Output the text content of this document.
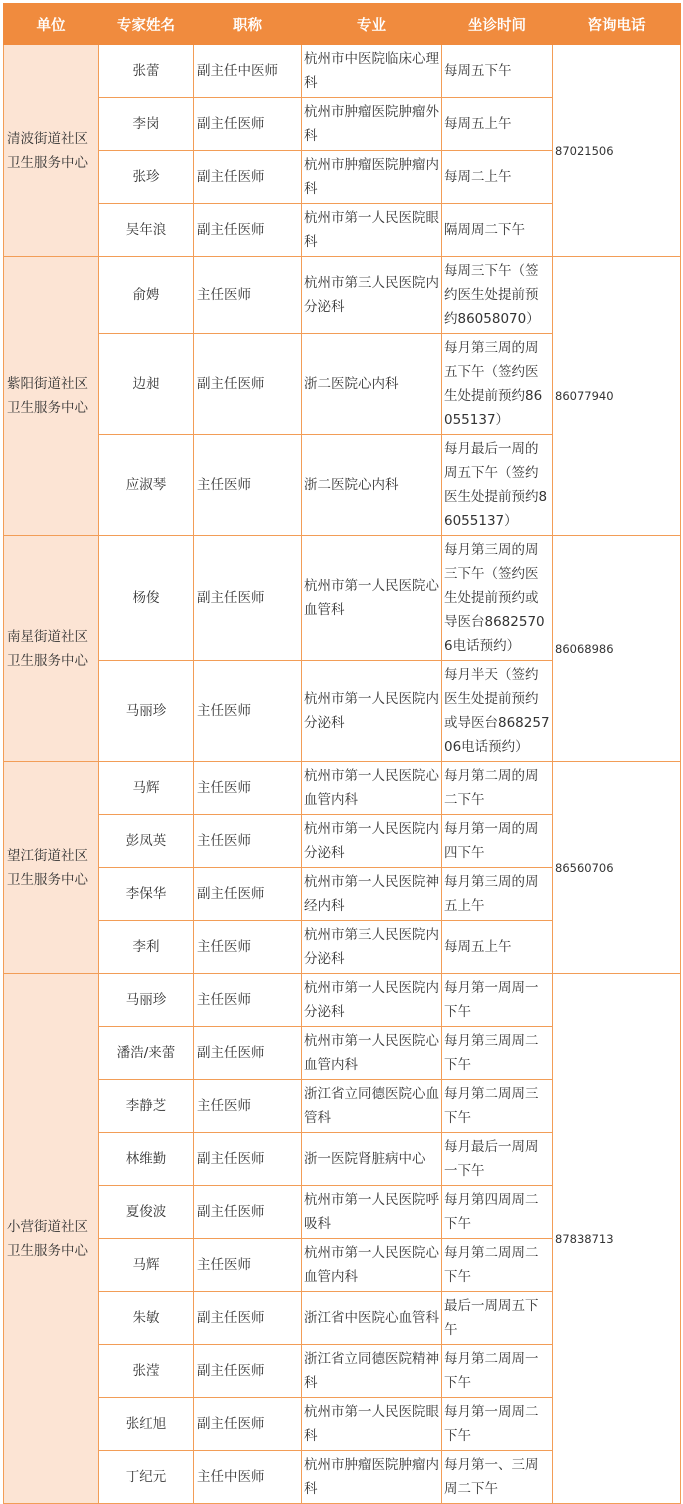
单位	专家姓名	职称	专业	坐诊时间	咨询电话
清波街道社区卫生服务中心	张蕾	副主任中医师	杭州市中医院临床心理科	每周五下午	87021506
	李岗	副主任医师	杭州市肿瘤医院肿瘤外科	每周五上午	
	张珍	副主任医师	杭州市肿瘤医院肿瘤内科	每周二上午	
	吴年浪	副主任医师	杭州市第一人民医院眼科	隔周周二下午	
紫阳街道社区卫生服务中心	俞娉	主任医师	杭州市第三人民医院内分泌科	每周三下午（签约医生处提前预约86058070）	86077940
	边昶	副主任医师	浙二医院心内科	每月第三周的周五下午（签约医生处提前预约86055137）	
	应淑琴	主任医师	浙二医院心内科	每月最后一周的周五下午（签约医生处提前预约86055137）	
南星街道社区卫生服务中心	杨俊	副主任医师	杭州市第一人民医院心血管科	每月第三周的周三下午（签约医生处提前预约或导医台86825706电话预约）	86068986
	马丽珍	主任医师	杭州市第一人民医院内分泌科	每月半天（签约医生处提前预约或导医台86825706电话预约）	
望江街道社区卫生服务中心	马辉	主任医师	杭州市第一人民医院心血管内科	每月第二周的周二下午	86560706
	彭凤英	主任医师	杭州市第一人民医院内分泌科	每月第一周的周四下午	
	李保华	副主任医师	杭州市第一人民医院神经内科	每月第三周的周五上午	
	李利	主任医师	杭州市第三人民医院内分泌科	每周五上午	
小营街道社区卫生服务中心	马丽珍	主任医师	杭州市第一人民医院内分泌科	每月第一周周一下午	87838713
	潘浩/来蕾	副主任医师	杭州市第一人民医院心血管内科	每月第三周周二下午	
	李静芝	主任医师	浙江省立同德医院心血管科	每月第二周周三下午	
	林维勤	副主任医师	浙一医院肾脏病中心	每月最后一周周一下午	
	夏俊波	副主任医师	杭州市第一人民医院呼吸科	每月第四周周二下午	
	马辉	主任医师	杭州市第一人民医院心血管内科	每月第二周周二下午	
	朱敏	副主任医师	浙江省中医院心血管科	最后一周周五下午	
	张滢	副主任医师	浙江省立同德医院精神科	每月第二周周一下午	
	张红旭	副主任医师	杭州市第一人民医院眼科	每月第一周周二下午	
	丁纪元	主任中医师	杭州市肿瘤医院肿瘤内科	每月第一、三周周二下午	
